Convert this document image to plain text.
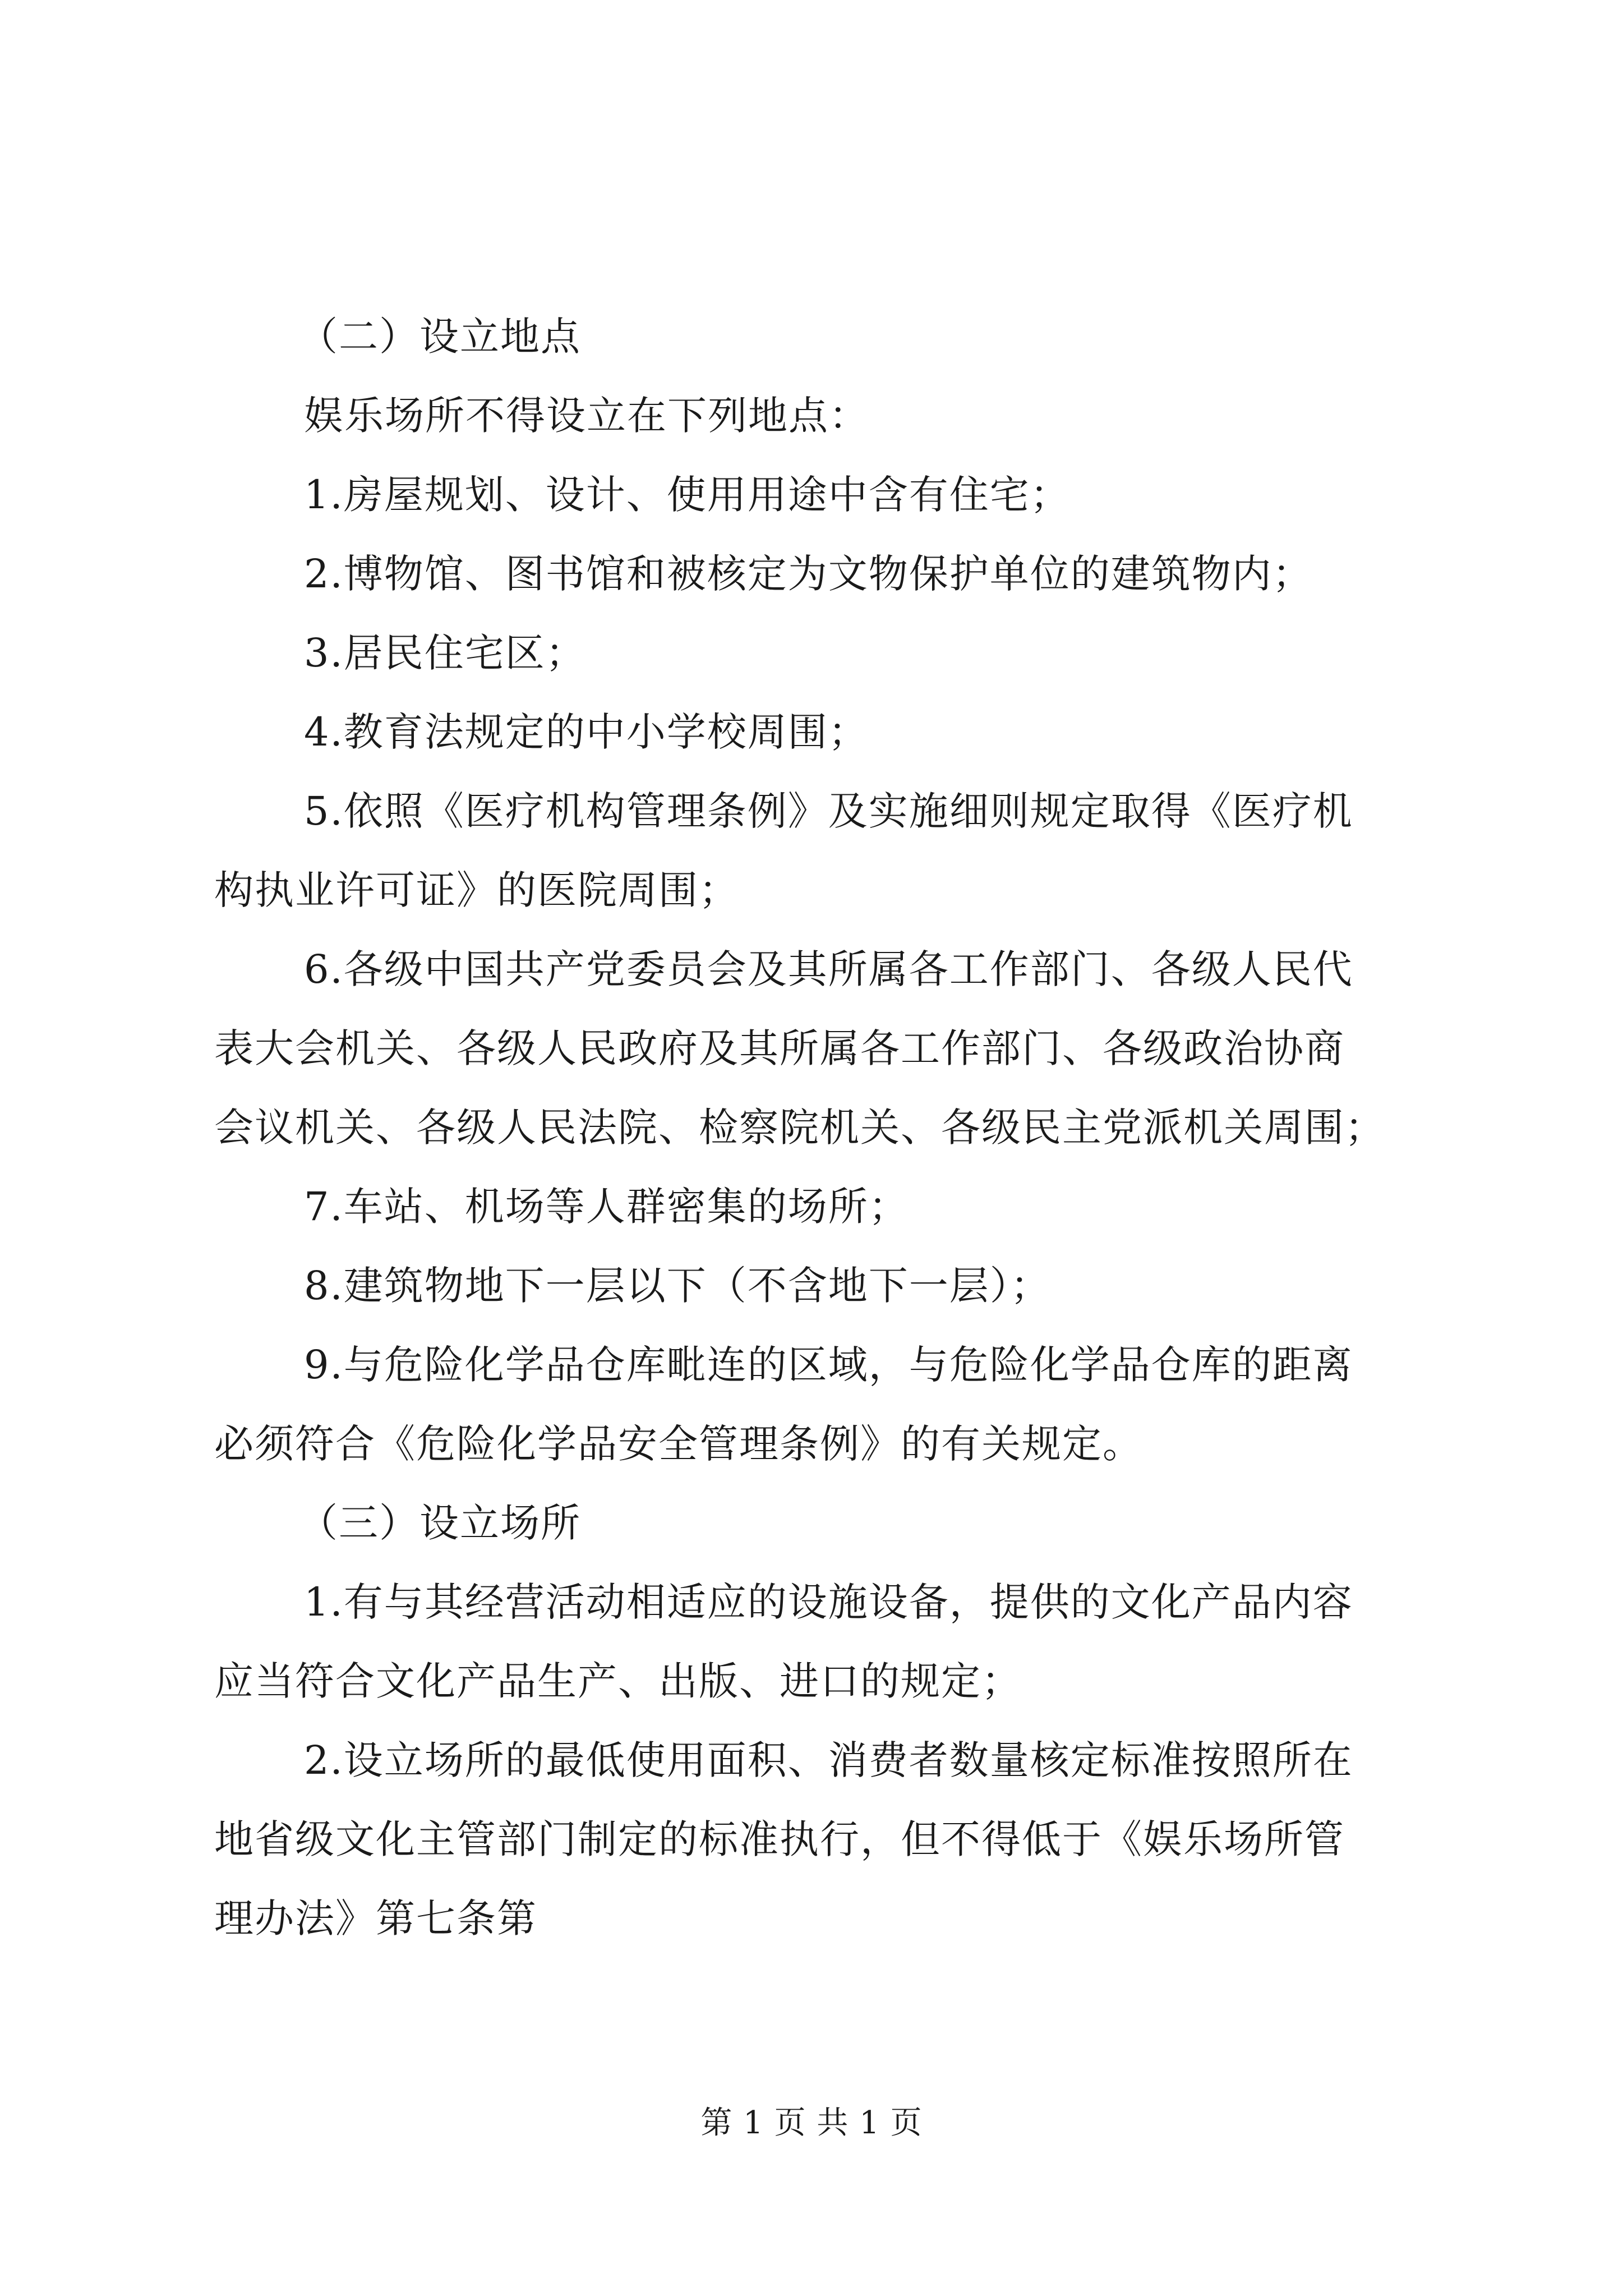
（二）设立地点
娱乐场所不得设立在下列地点：
1.房屋规划、设计、使用用途中含有住宅；
2.博物馆、图书馆和被核定为文物保护单位的建筑物内；
3.居民住宅区；
4.教育法规定的中小学校周围；
5.依照《医疗机构管理条例》及实施细则规定取得《医疗机
构执业许可证》的医院周围；
6.各级中国共产党委员会及其所属各工作部门、各级人民代
表大会机关、各级人民政府及其所属各工作部门、各级政治协商
会议机关、各级人民法院、检察院机关、各级民主党派机关周围；
7.车站、机场等人群密集的场所；
8.建筑物地下一层以下（不含地下一层）；
9.与危险化学品仓库毗连的区域，与危险化学品仓库的距离
必须符合《危险化学品安全管理条例》的有关规定。
（三）设立场所
1.有与其经营活动相适应的设施设备，提供的文化产品内容
应当符合文化产品生产、出版、进口的规定；
2.设立场所的最低使用面积、消费者数量核定标准按照所在
地省级文化主管部门制定的标准执行，但不得低于《娱乐场所管
理办法》第七条第
第 1 页 共 1 页
